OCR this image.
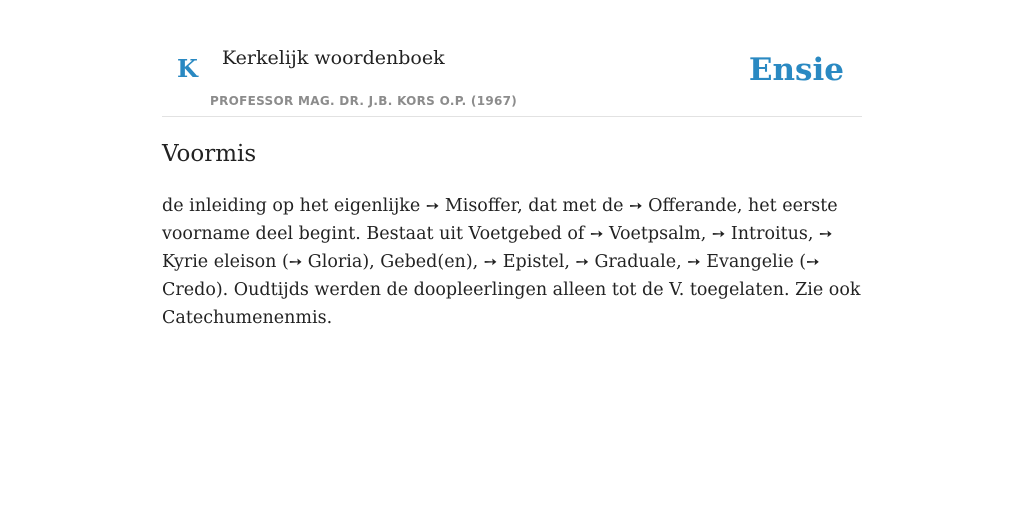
K Kerkelijk woordenboek
PROFESSOR MAG. DR. J.B. KORS O.P. (1967)
Ensie
Voormis

de inleiding op het eigenlijke ➙ Misoffer, dat met de ➙ Offerande, het eerste voorname deel begint. Bestaat uit Voetgebed of ➙ Voetpsalm, ➙ Introitus, ➙ Kyrie eleison (➙ Gloria), Gebed(en), ➙ Epistel, ➙ Graduale, ➙ Evangelie (➙ Credo). Oudtijds werden de doopleerlingen alleen tot de V. toegelaten. Zie ook Catechumenenmis.
